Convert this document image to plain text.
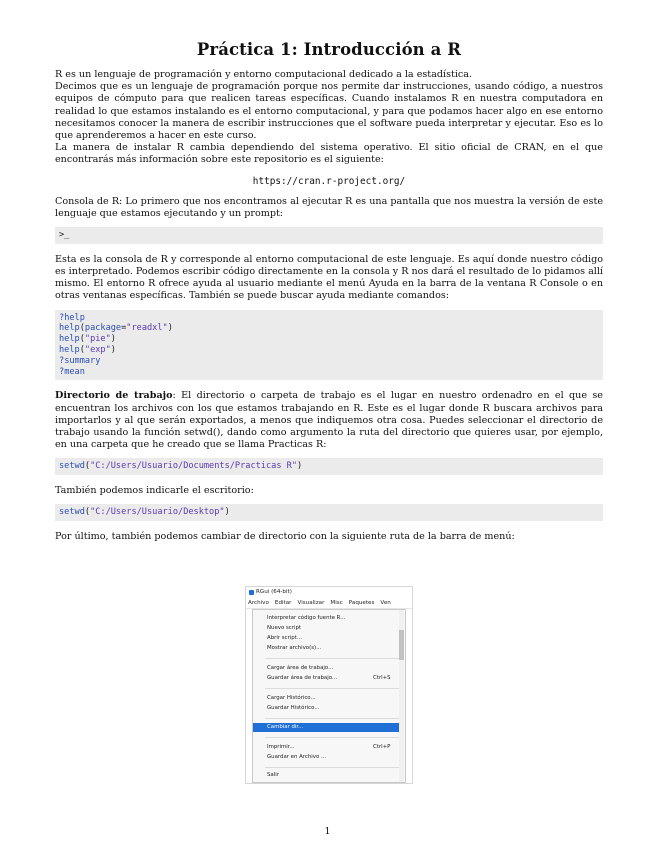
Práctica 1: Introducción a R

R es un lenguaje de programación y entorno computacional dedicado a la estadística.

Decimos que es un lenguaje de programación porque nos permite dar instrucciones, usando código, a nuestros equipos de cómputo para que realicen tareas específicas. Cuando instalamos R en nuestra computadora en realidad lo que estamos instalando es el entorno computacional, y para que podamos hacer algo en ese entorno necesitamos conocer la manera de escribir instrucciones que el software pueda interpretar y ejecutar. Eso es lo que aprenderemos a hacer en este curso.

La manera de instalar R cambia dependiendo del sistema operativo. El sitio oficial de CRAN, en el que encontrarás más información sobre este repositorio es el siguiente:

https://cran.r-project.org/

Consola de R: Lo primero que nos encontramos al ejecutar R es una pantalla que nos muestra la versión de este lenguaje que estamos ejecutando y un prompt:

>_

Esta es la consola de R y corresponde al entorno computacional de este lenguaje. Es aquí donde nuestro código es interpretado. Podemos escribir código directamente en la consola y R nos dará el resultado de lo pidamos allí mismo. El entorno R ofrece ayuda al usuario mediante el menú Ayuda en la barra de la ventana R Console o en otras ventanas específicas. También se puede buscar ayuda mediante comandos:

?help
help(package="readxl")
help("pie")
help("exp")
?summary
?mean

Directorio de trabajo: El directorio o carpeta de trabajo es el lugar en nuestro ordenadro en el que se encuentran los archivos con los que estamos trabajando en R. Este es el lugar donde R buscara archivos para importarlos y al que serán exportados, a menos que indiquemos otra cosa. Puedes seleccionar el directorio de trabajo usando la función setwd(), dando como argumento la ruta del directorio que quieres usar, por ejemplo, en una carpeta que he creado que se llama Practicas R:

setwd("C:/Users/Usuario/Documents/Practicas R")

También podemos indicarle el escritorio:

setwd("C:/Users/Usuario/Desktop")

Por último, también podemos cambiar de directorio con la siguiente ruta de la barra de menú:

RGui (64-bit)
Archivo Editar Visualizar Misc Paquetes Ven
Interpretar código fuente R...
Nuevo script
Abrir script...
Mostrar archivo(s)...
Cargar área de trabajo...
Guardar área de trabajo...	Ctrl+S
Cargar Histórico...
Guardar Histórico...
Cambiar dir...
Imprimir...	Ctrl+P
Guardar en Archivo ...
Salir
1
